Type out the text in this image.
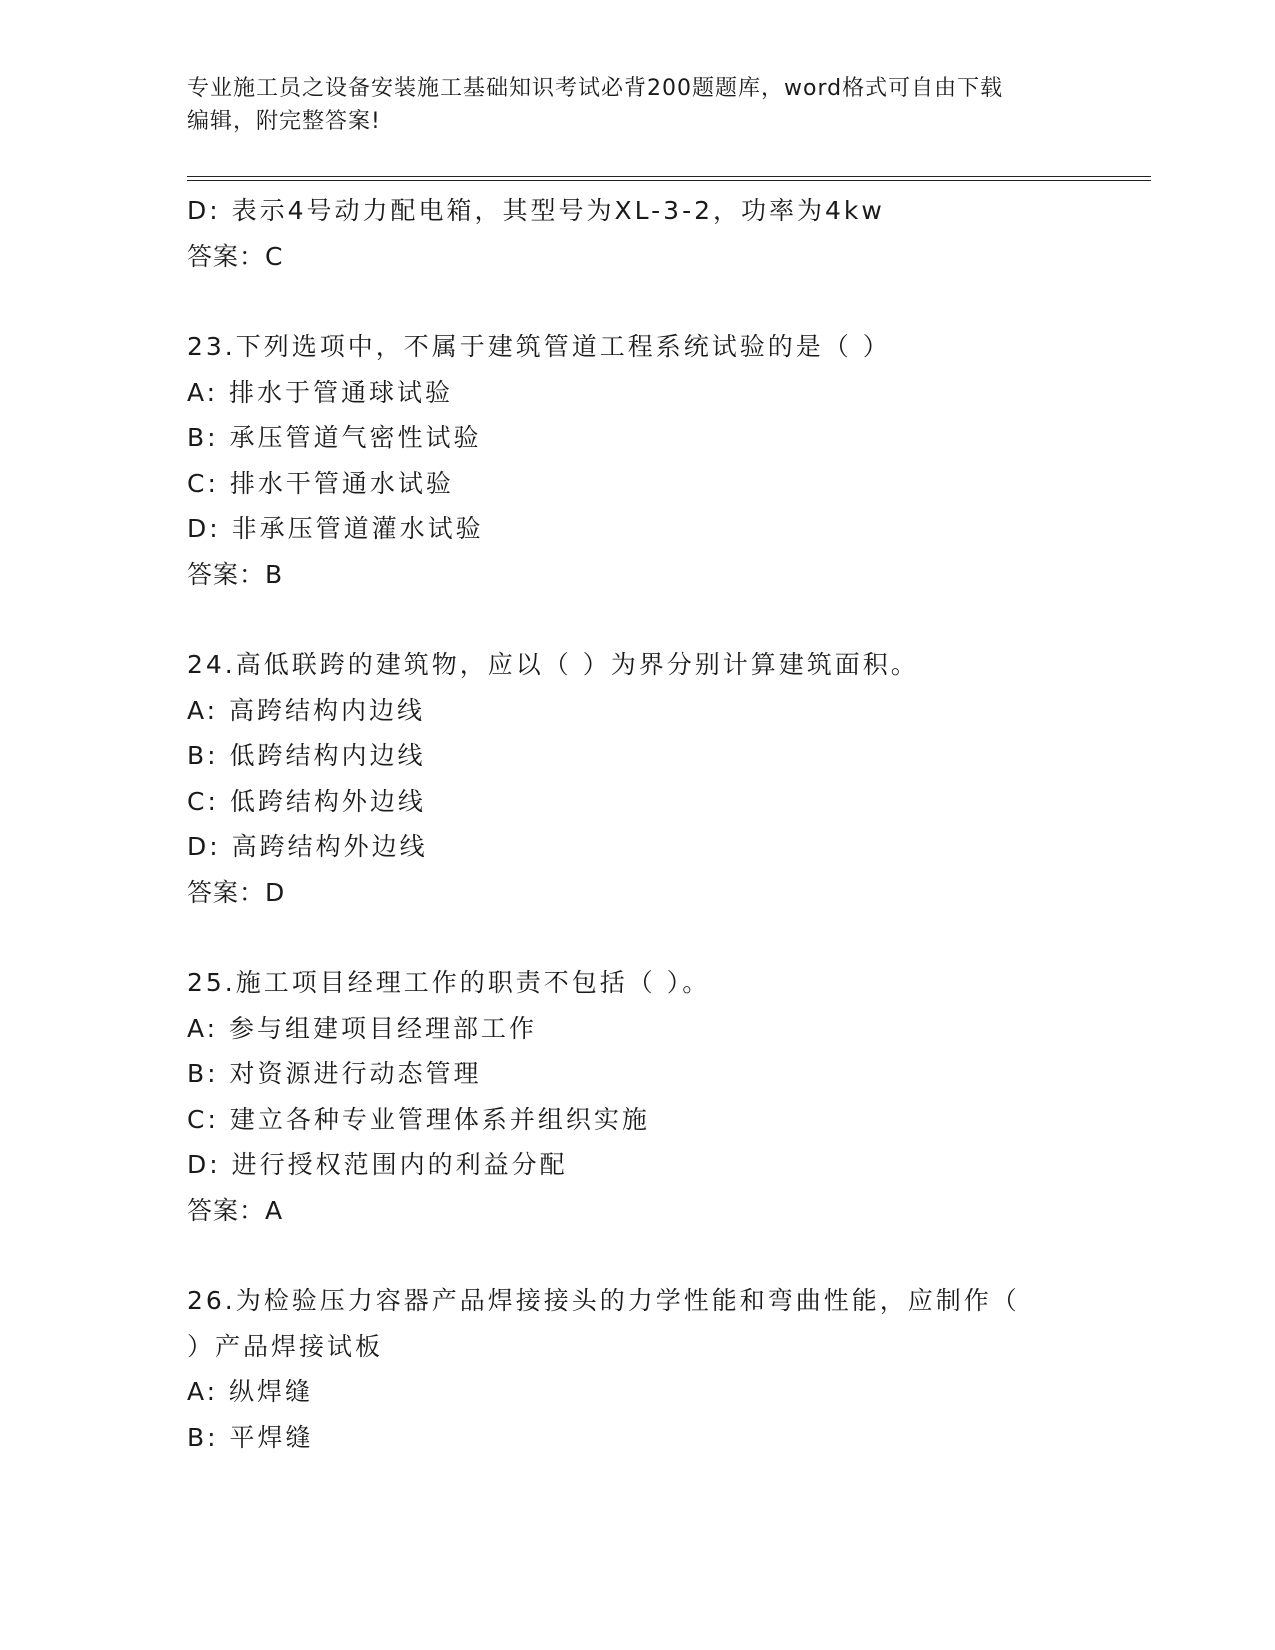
专业施工员之设备安装施工基础知识考试必背200题题库，word格式可自由下载
编辑，附完整答案!
D: 表示4号动力配电箱，其型号为XL-3-2，功率为4kw
答案：C
23.下列选项中，不属于建筑管道工程系统试验的是（ ）
A: 排水于管通球试验
B: 承压管道气密性试验
C: 排水干管通水试验
D: 非承压管道灌水试验
答案：B
24.高低联跨的建筑物，应以（ ）为界分别计算建筑面积。
A: 高跨结构内边线
B: 低跨结构内边线
C: 低跨结构外边线
D: 高跨结构外边线
答案：D
25.施工项目经理工作的职责不包括（ ）。
A: 参与组建项目经理部工作
B: 对资源进行动态管理
C: 建立各种专业管理体系并组织实施
D: 进行授权范围内的利益分配
答案：A
26.为检验压力容器产品焊接接头的力学性能和弯曲性能，应制作（
）产品焊接试板
A: 纵焊缝
B: 平焊缝
